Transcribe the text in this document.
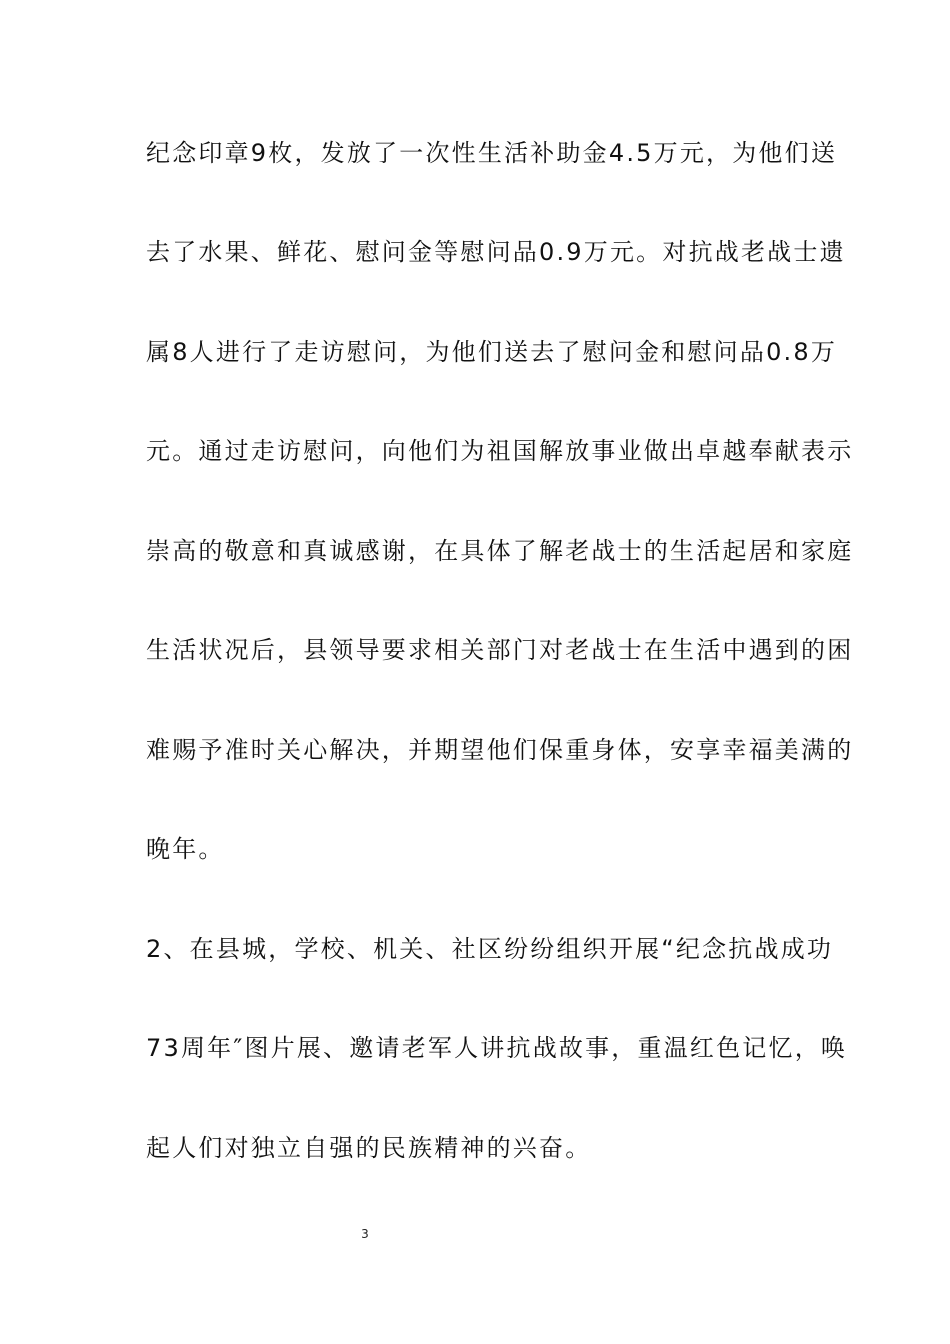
纪念印章9枚，发放了一次性生活补助金4.5万元，为他们送
去了水果、鲜花、慰问金等慰问品0.9万元。对抗战老战士遗
属8人进行了走访慰问，为他们送去了慰问金和慰问品0.8万
元。通过走访慰问，向他们为祖国解放事业做出卓越奉献表示
崇高的敬意和真诚感谢，在具体了解老战士的生活起居和家庭
生活状况后，县领导要求相关部门对老战士在生活中遇到的困
难赐予准时关心解决，并期望他们保重身体，安享幸福美满的
晚年。
2、在县城，学校、机关、社区纷纷组织开展“纪念抗战成功
73周年″图片展、邀请老军人讲抗战故事，重温红色记忆，唤
起人们对独立自强的民族精神的兴奋。
3
